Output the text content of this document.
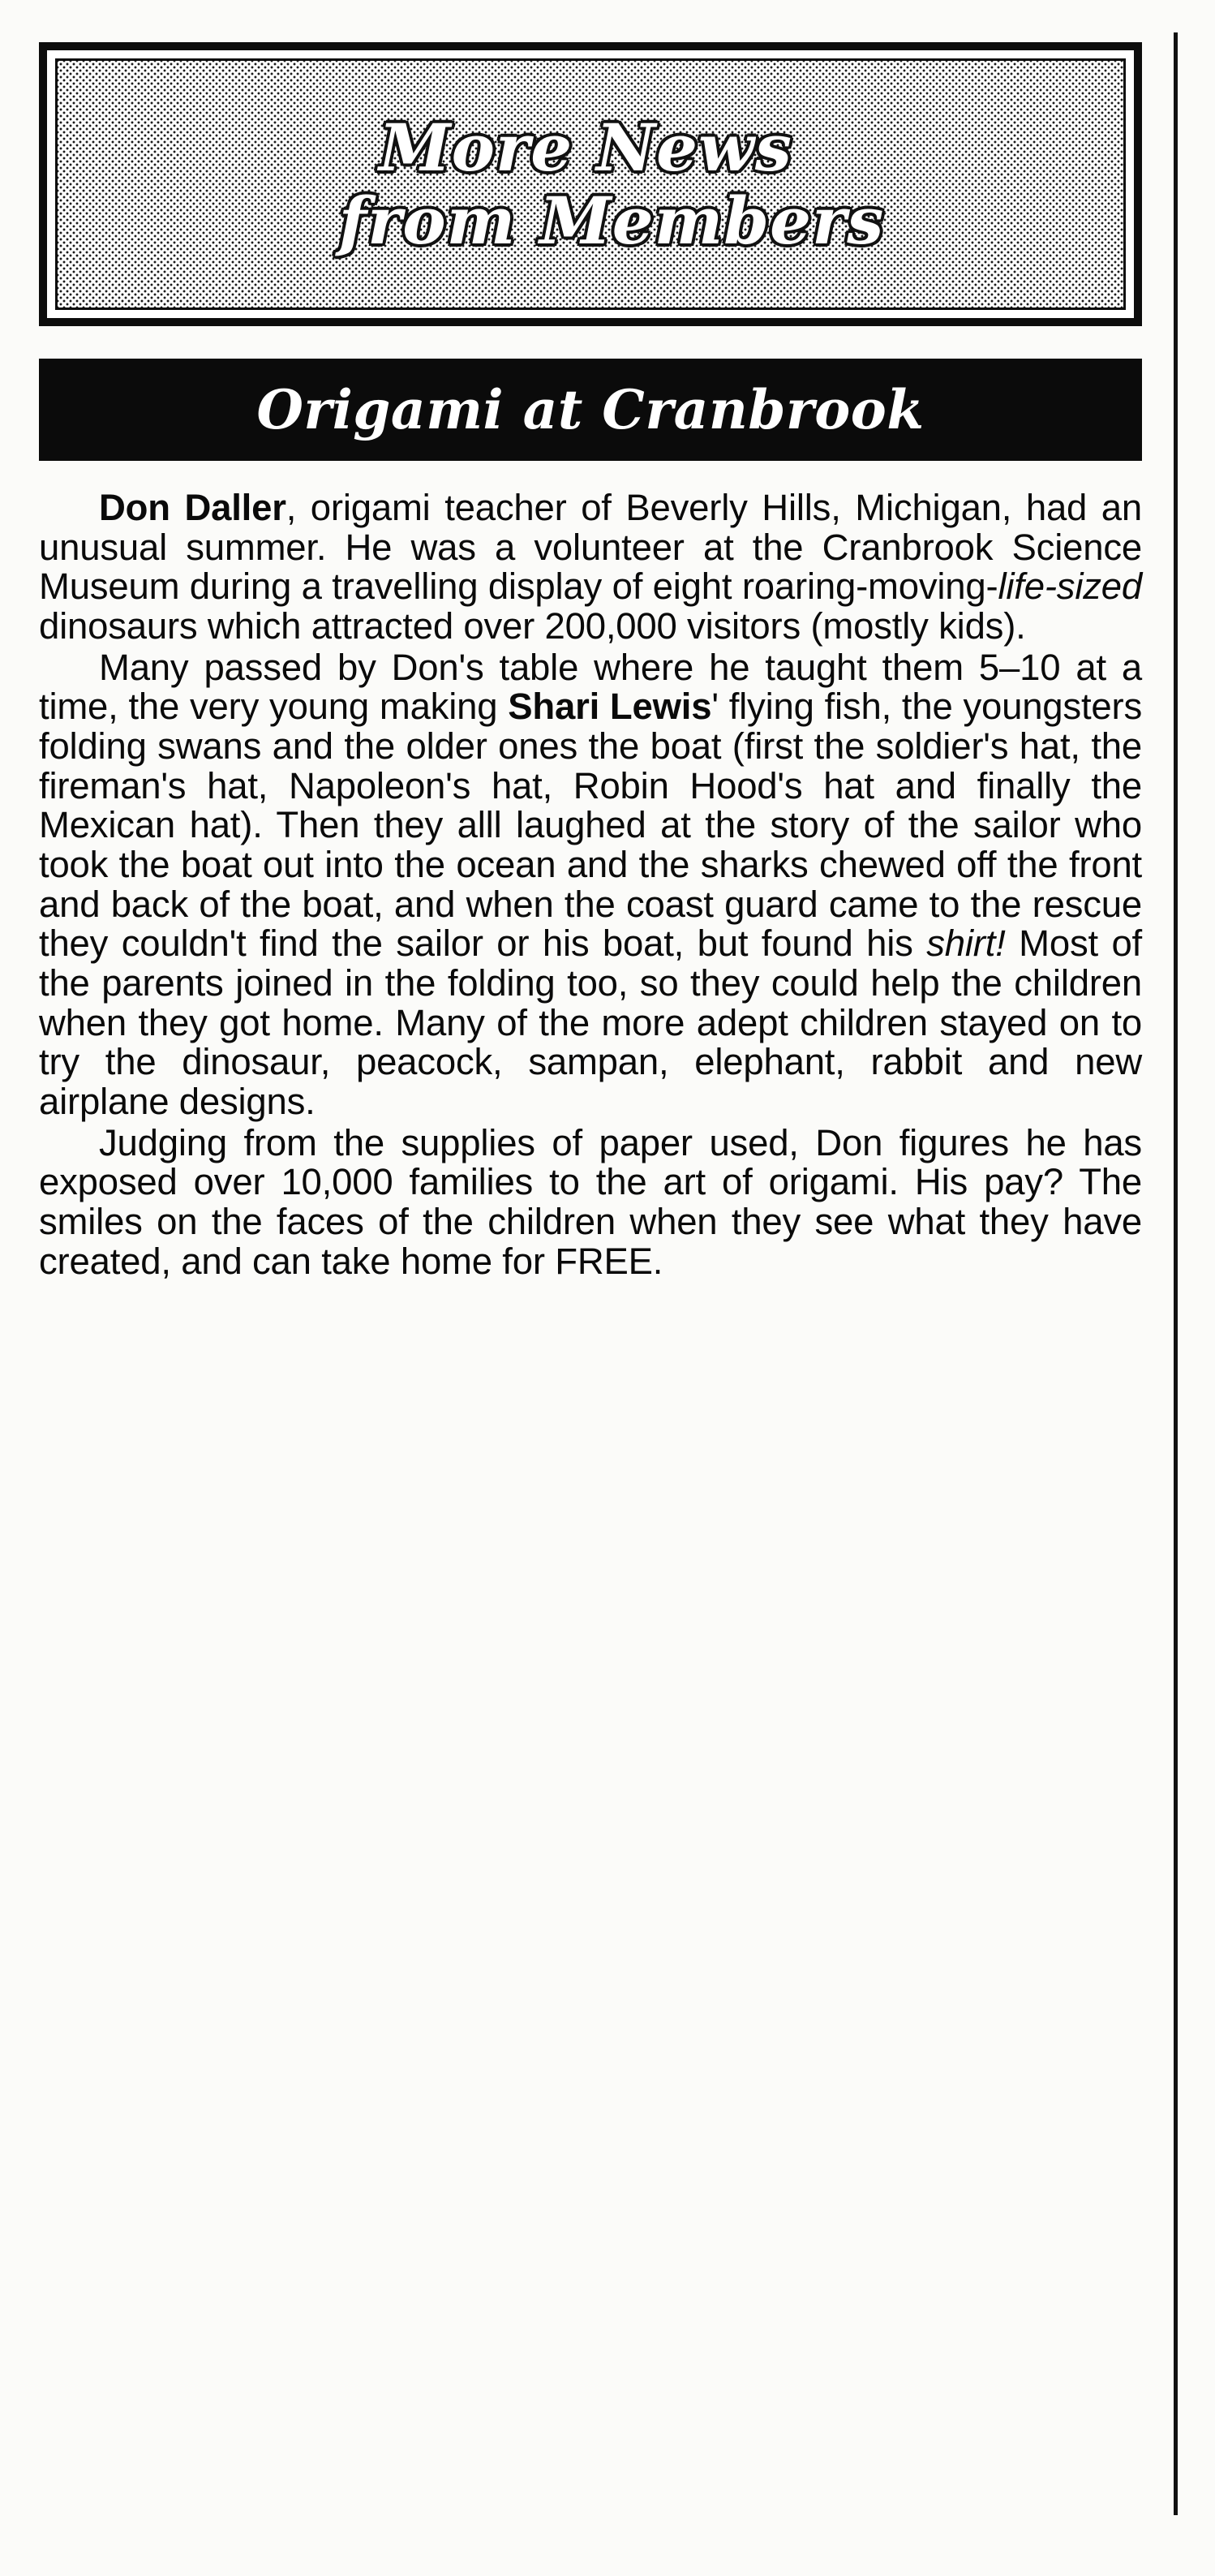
More News
from Members
Origami at Cranbrook

Don Daller, origami teacher of Beverly Hills, Michigan, had an unusual summer. He was a volunteer at the Cranbrook Science Museum during a travelling display of eight roaring-moving-life-sized dinosaurs which attracted over 200,000 visitors (mostly kids).

Many passed by Don's table where he taught them 5–10 at a time, the very young making Shari Lewis' flying fish, the youngsters folding swans and the older ones the boat (first the soldier's hat, the fireman's hat, Napoleon's hat, Robin Hood's hat and finally the Mexican hat). Then they alll laughed at the story of the sailor who took the boat out into the ocean and the sharks chewed off the front and back of the boat, and when the coast guard came to the rescue they couldn't find the sailor or his boat, but found his shirt! Most of the parents joined in the folding too, so they could help the children when they got home. Many of the more adept children stayed on to try the dinosaur, peacock, sampan, elephant, rabbit and new airplane designs.

Judging from the supplies of paper used, Don figures he has exposed over 10,000 families to the art of origami. His pay? The smiles on the faces of the children when they see what they have created, and can take home for FREE.
